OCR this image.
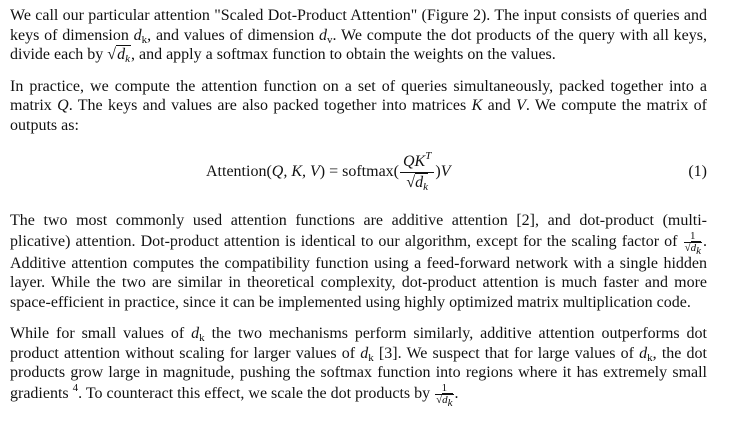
We call our particular attention "Scaled Dot-Product Attention" (Figure 2). The input consists of queries and keys of dimension $d_k$, and values of dimension $d_v$. We compute the dot products of the query with all keys, divide each by $√d_k$, and apply a softmax function to obtain the weights on the values.

In practice, we compute the attention function on a set of queries simultaneously, packed together into a matrix Q. The keys and values are also packed together into matrices K and V. We compute the matrix of outputs as:

Attention( Q, K, V ) = softmax( $\frac{QK^T}{√d_k}$ ) V	(1)

The two most commonly used attention functions are additive attention [2], and dot-product (multi-plicative) attention. Dot-product attention is identical to our algorithm, except for the scaling factor of $\frac{1}{√d_k}$ . Additive attention computes the compatibility function using a feed-forward network with a single hidden layer. While the two are similar in theoretical complexity, dot-product attention is much faster and more space-efficient in practice, since it can be implemented using highly optimized matrix multiplication code.

While for small values of $d_k$ the two mechanisms perform similarly, additive attention outperforms dot product attention without scaling for larger values of $d_k$ [3]. We suspect that for large values of $d_k$, the dot products grow large in magnitude, pushing the softmax function into regions where it has extremely small gradients $^4$. To counteract this effect, we scale the dot products by $\frac{1}{√d_k}$ .
